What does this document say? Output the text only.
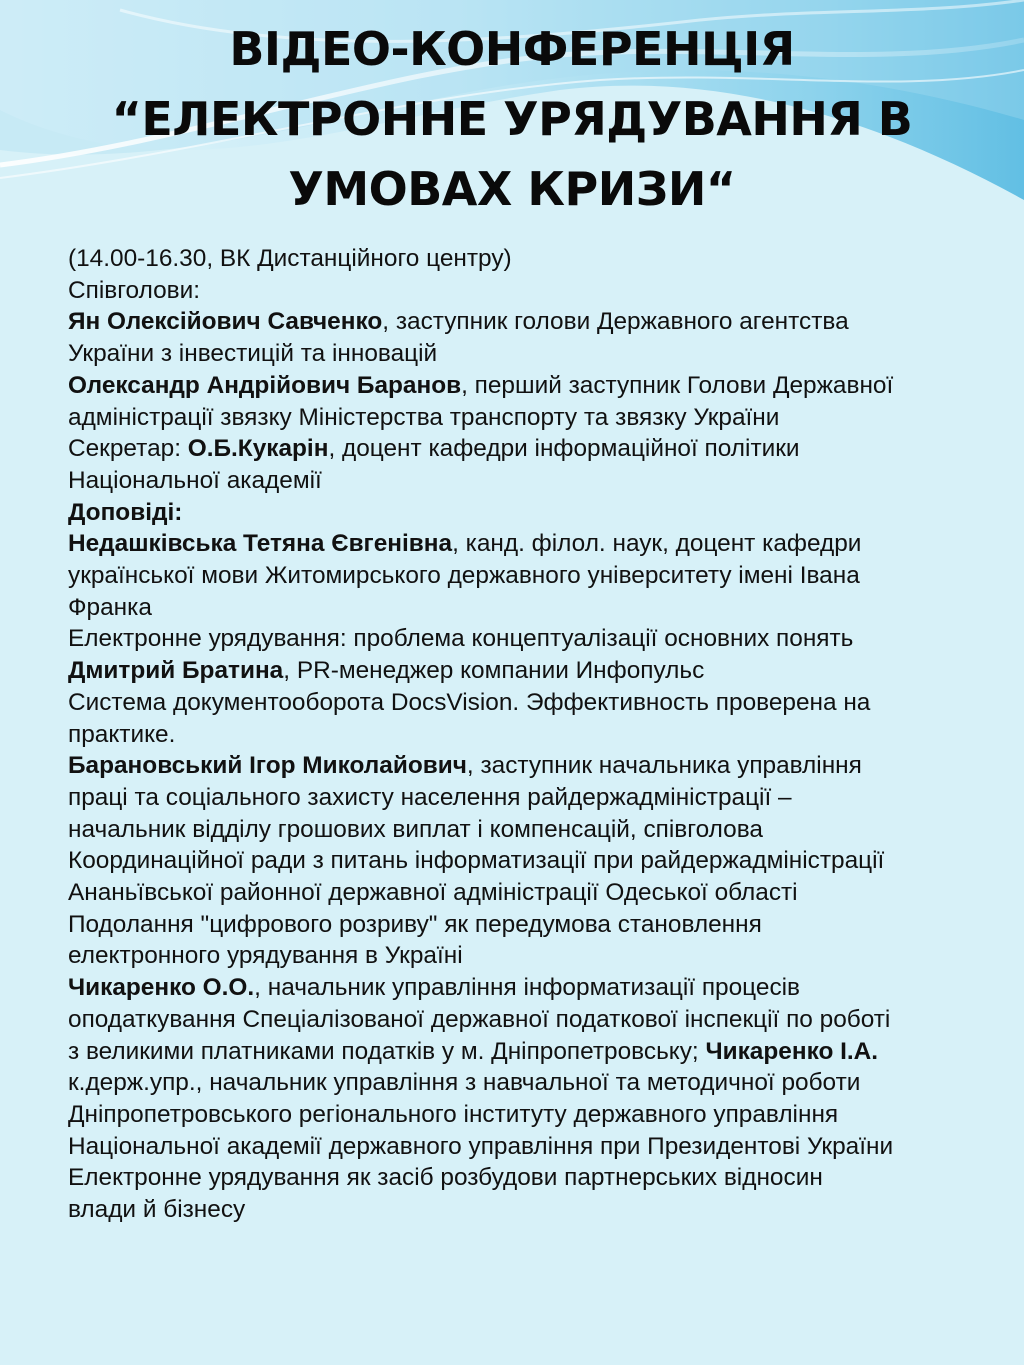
ВІДЕО-КОНФЕРЕНЦІЯ
“ЕЛЕКТРОННЕ УРЯДУВАННЯ В
УМОВАХ КРИЗИ“
(14.00-16.30, ВК Дистанційного центру)
Співголови:
Ян Олексійович Савченко, заступник голови Державного агентства
України з інвестицій та інновацій
Олександр Андрійович Баранов, перший заступник Голови Державної
адміністрації звязку Міністерства транспорту та звязку України
Секретар: О.Б.Кукарін, доцент кафедри інформаційної політики
Національної академії
Доповіді:
Недашківська Тетяна Євгенівна, канд. філол. наук, доцент кафедри
української мови Житомирського державного університету імені Івана
Франка
Електронне урядування: проблема концептуалізації основних понять
Дмитрий Братина, PR-менеджер компании Инфопульс
Система документооборота DocsVision. Эффективность проверена на
практике.
Барановський Ігор Миколайович, заступник начальника управління
праці та соціального захисту населення райдержадміністрації –
начальник відділу грошових виплат і компенсацій, співголова
Координаційної ради з питань інформатизації при райдержадміністрації
Ананьївської районної державної адміністрації Одеської області
Подолання "цифрового розриву" як передумова становлення
електронного урядування в Україні
Чикаренко О.О., начальник управління інформатизації процесів
оподаткування Спеціалізованої державної податкової інспекції по роботі
з великими платниками податків у м. Дніпропетровську; Чикаренко І.А.
к.держ.упр., начальник управління з навчальної та методичної роботи
Дніпропетровського регіонального інституту державного управління
Національної академії державного управління при Президентові України
Електронне урядування як засіб розбудови партнерських відносин
влади й бізнесу
